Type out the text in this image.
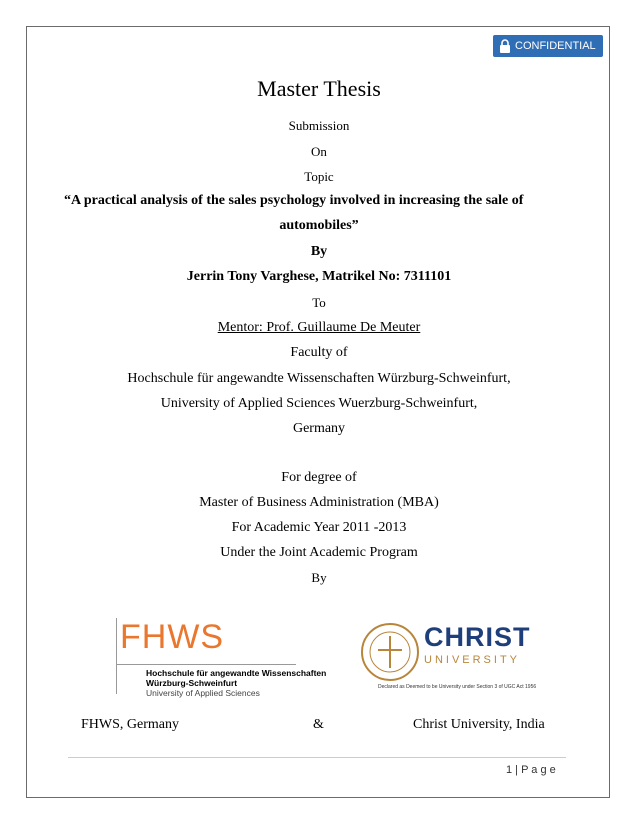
CONFIDENTIAL
Master Thesis
Submission
On
Topic
“A practical analysis of the sales psychology involved in increasing the sale of
automobiles”
By
Jerrin Tony Varghese, Matrikel No: 7311101
To
Mentor: Prof. Guillaume De Meuter
Faculty of
Hochschule für angewandte Wissenschaften Würzburg-Schweinfurt,
University of Applied Sciences Wuerzburg-Schweinfurt,
Germany
For degree of
Master of Business Administration (MBA)
For Academic Year 2011 -2013
Under the Joint Academic Program
By
FHWS
Hochschule für angewandte Wissenschaften
Würzburg-Schweinfurt
University of Applied Sciences
CHRIST
UNIVERSITY
Declared as Deemed to be University under Section 3 of UGC Act 1956
FHWS, Germany	&	Christ University, India
1 | P a g e
